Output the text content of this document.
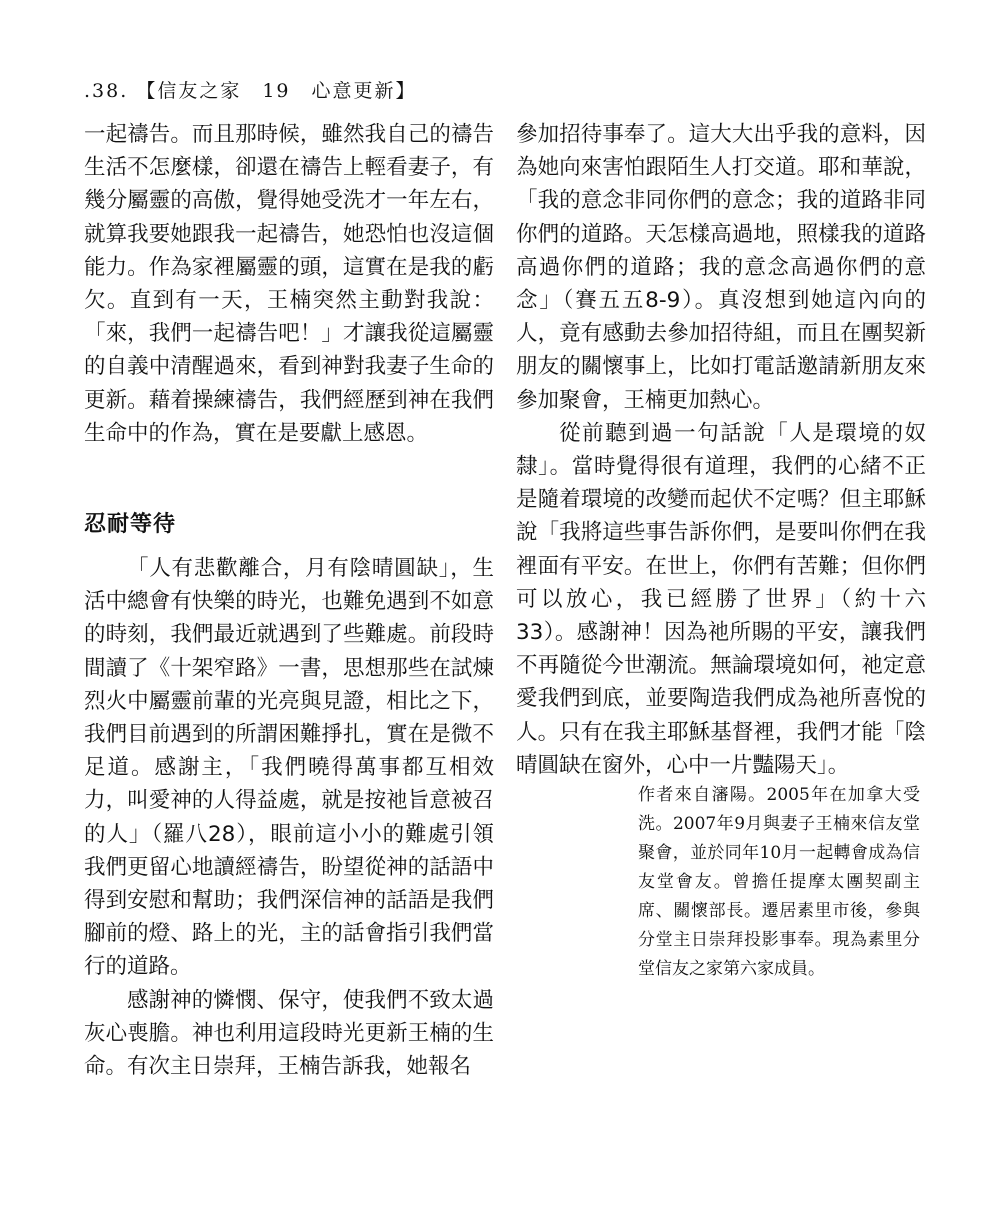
.38. 【信友之家　19　心意更新】

一起禱告。而且那時候，雖然我自己的禱告生活不怎麼樣，卻還在禱告上輕看妻子，有幾分屬靈的高傲，覺得她受洗才一年左右，就算我要她跟我一起禱告，她恐怕也沒這個能力。作為家裡屬靈的頭，這實在是我的虧欠。直到有一天，王楠突然主動對我說：「來，我們一起禱告吧！」才讓我從這屬靈的自義中清醒過來，看到神對我妻子生命的更新。藉着操練禱告，我們經歷到神在我們生命中的作為，實在是要獻上感恩。

忍耐等待

「人有悲歡離合，月有陰晴圓缺」，生活中總會有快樂的時光，也難免遇到不如意的時刻，我們最近就遇到了些難處。前段時間讀了《十架窄路》一書，思想那些在試煉烈火中屬靈前輩的光亮與見證，相比之下，我們目前遇到的所謂困難掙扎，實在是微不足道。感謝主，「我們曉得萬事都互相效力，叫愛神的人得益處，就是按祂旨意被召的人」（羅八28），眼前這小小的難處引領我們更留心地讀經禱告，盼望從神的話語中得到安慰和幫助；我們深信神的話語是我們腳前的燈、路上的光，主的話會指引我們當行的道路。

感謝神的憐憫、保守，使我們不致太過灰心喪膽。神也利用這段時光更新王楠的生命。有次主日崇拜，王楠告訴我，她報名

參加招待事奉了。這大大出乎我的意料，因為她向來害怕跟陌生人打交道。耶和華說，「我的意念非同你們的意念；我的道路非同你們的道路。天怎樣高過地，照樣我的道路高過你們的道路；我的意念高過你們的意念」（賽五五8-9）。真沒想到她這內向的人，竟有感動去參加招待組，而且在團契新朋友的關懷事上，比如打電話邀請新朋友來參加聚會，王楠更加熱心。

從前聽到過一句話說「人是環境的奴隸」。當時覺得很有道理，我們的心緒不正是隨着環境的改變而起伏不定嗎？但主耶穌說「我將這些事告訴你們，是要叫你們在我裡面有平安。在世上，你們有苦難；但你們可以放心，我已經勝了世界」（約十六33）。感謝神！因為祂所賜的平安，讓我們不再隨從今世潮流。無論環境如何，祂定意愛我們到底，並要陶造我們成為祂所喜悅的人。只有在我主耶穌基督裡，我們才能「陰晴圓缺在窗外，心中一片豔陽天」。

作者來自瀋陽。2005年在加拿大受洗。2007年9月與妻子王楠來信友堂聚會，並於同年10月一起轉會成為信友堂會友。曾擔任提摩太團契副主席、關懷部長。遷居素里市後，參與分堂主日崇拜投影事奉。現為素里分堂信友之家第六家成員。
